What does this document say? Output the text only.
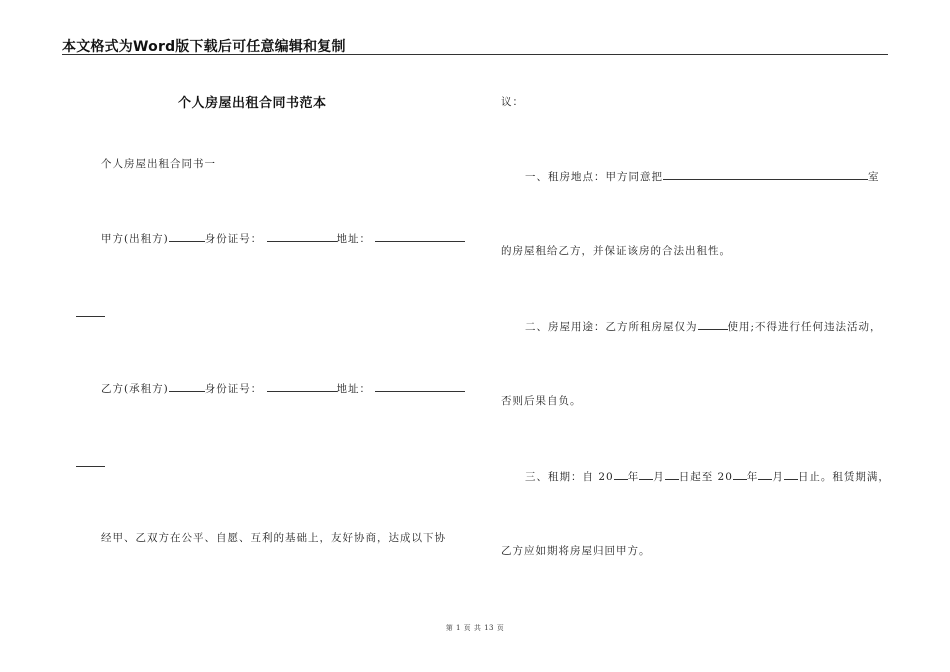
本文格式为Word版下载后可任意编辑和复制
个人房屋出租合同书范本
个人房屋出租合同书一
甲方(出租方)	身份证号：	地址：
乙方(承租方)	身份证号：	地址：
经甲、乙双方在公平、自愿、互利的基础上，友好协商，达成以下协
议：
一、租房地点：甲方同意把	室
的房屋租给乙方，并保证该房的合法出租性。
二、房屋用途：乙方所租房屋仅为	使用;不得进行任何违法活动，
否则后果自负。
三、租期：自 20 年 月 日起至 20 年 月 日止。租赁期满，
乙方应如期将房屋归回甲方。
第 1 页 共 13 页
